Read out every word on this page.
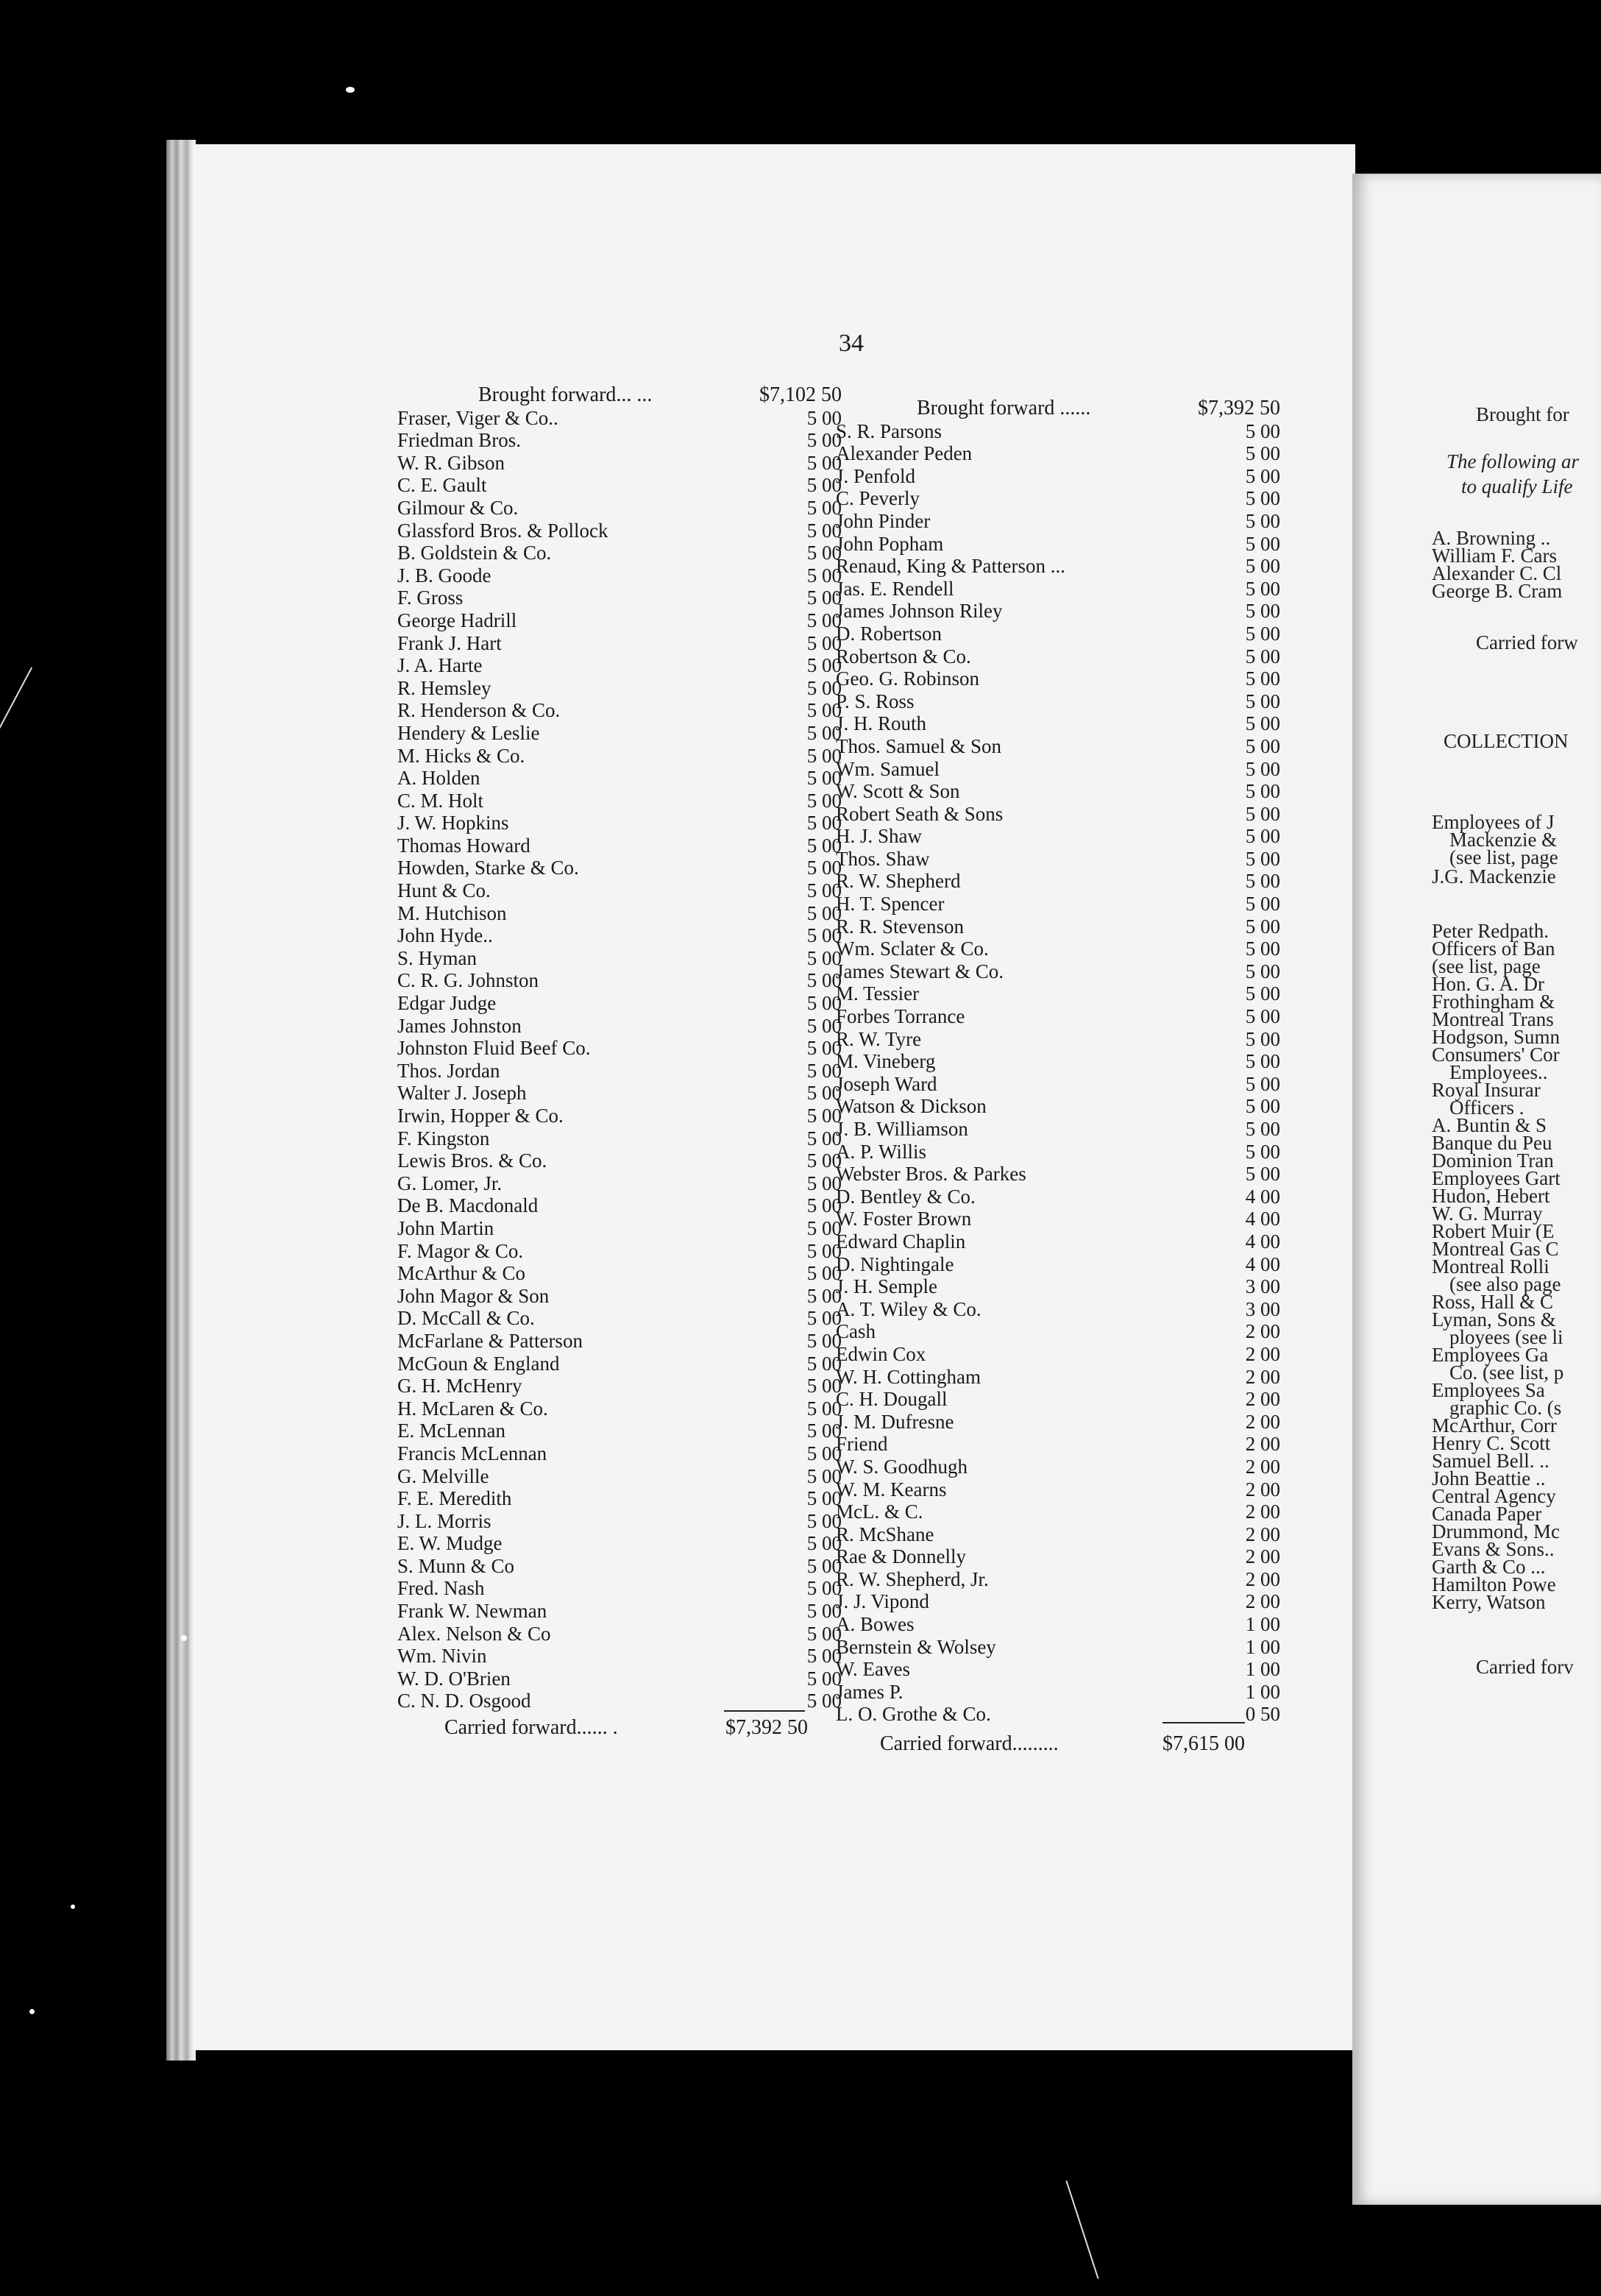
34
Brought forward... ...	$7,102 50
Fraser, Viger & Co..	5 00
Friedman Bros.	5 00
W. R. Gibson	5 00
C. E. Gault	5 00
Gilmour & Co.	5 00
Glassford Bros. & Pollock	5 00
B. Goldstein & Co.	5 00
J. B. Goode	5 00
F. Gross	5 00
George Hadrill	5 00
Frank J. Hart	5 00
J. A. Harte	5 00
R. Hemsley	5 00
R. Henderson & Co.	5 00
Hendery & Leslie	5 00
M. Hicks & Co.	5 00
A. Holden	5 00
C. M. Holt	5 00
J. W. Hopkins	5 00
Thomas Howard	5 00
Howden, Starke & Co.	5 00
Hunt & Co.	5 00
M. Hutchison	5 00
John Hyde..	5 00
S. Hyman	5 00
C. R. G. Johnston	5 00
Edgar Judge	5 00
James Johnston	5 00
Johnston Fluid Beef Co.	5 00
Thos. Jordan	5 00
Walter J. Joseph	5 00
Irwin, Hopper & Co.	5 00
F. Kingston	5 00
Lewis Bros. & Co.	5 00
G. Lomer, Jr.	5 00
De B. Macdonald	5 00
John Martin	5 00
F. Magor & Co.	5 00
McArthur & Co	5 00
John Magor & Son	5 00
D. McCall & Co.	5 00
McFarlane & Patterson	5 00
McGoun & England	5 00
G. H. McHenry	5 00
H. McLaren & Co.	5 00
E. McLennan	5 00
Francis McLennan	5 00
G. Melville	5 00
F. E. Meredith	5 00
J. L. Morris	5 00
E. W. Mudge	5 00
S. Munn & Co	5 00
Fred. Nash	5 00
Frank W. Newman	5 00
Alex. Nelson & Co	5 00
Wm. Nivin	5 00
W. D. O'Brien	5 00
C. N. D. Osgood	5 00
Carried forward...... .	$7,392 50
Brought forward ......	$7,392 50
S. R. Parsons	5 00
Alexander Peden	5 00
J. Penfold	5 00
C. Peverly	5 00
John Pinder	5 00
John Popham	5 00
Renaud, King & Patterson ...	5 00
Jas. E. Rendell	5 00
James Johnson Riley	5 00
D. Robertson	5 00
Robertson & Co.	5 00
Geo. G. Robinson	5 00
P. S. Ross	5 00
J. H. Routh	5 00
Thos. Samuel & Son	5 00
Wm. Samuel	5 00
W. Scott & Son	5 00
Robert Seath & Sons	5 00
H. J. Shaw	5 00
Thos. Shaw	5 00
R. W. Shepherd	5 00
H. T. Spencer	5 00
R. R. Stevenson	5 00
Wm. Sclater & Co.	5 00
James Stewart & Co.	5 00
M. Tessier	5 00
Forbes Torrance	5 00
R. W. Tyre	5 00
M. Vineberg	5 00
Joseph Ward	5 00
Watson & Dickson	5 00
J. B. Williamson	5 00
A. P. Willis	5 00
Webster Bros. & Parkes	5 00
D. Bentley & Co.	4 00
W. Foster Brown	4 00
Edward Chaplin	4 00
D. Nightingale	4 00
J. H. Semple	3 00
A. T. Wiley & Co.	3 00
Cash	2 00
Edwin Cox	2 00
W. H. Cottingham	2 00
C. H. Dougall	2 00
J. M. Dufresne	2 00
Friend	2 00
W. S. Goodhugh	2 00
W. M. Kearns	2 00
McL. & C.	2 00
R. McShane	2 00
Rae & Donnelly	2 00
R. W. Shepherd, Jr.	2 00
J. J. Vipond	2 00
A. Bowes	1 00
Bernstein & Wolsey	1 00
W. Eaves	1 00
James P.	1 00
L. O. Grothe & Co.	0 50
Carried forward.........	$7,615 00
Brought for
The following ar
to qualify Life
A. Browning ..
William F. Cars
Alexander C. Cl
George B. Cram
Carried forw
COLLECTION
Employees of J
Mackenzie &
(see list, page
J.G. Mackenzie
Peter Redpath.
Officers of Ban
(see list, page
Hon. G. A. Dr
Frothingham &
Montreal Trans
Hodgson, Sumn
Consumers' Cor
Employees..
Royal Insurar
Officers .
A. Buntin & S
Banque du Peu
Dominion Tran
Employees Gart
Hudon, Hebert
W. G. Murray
Robert Muir (E
Montreal Gas C
Montreal Rolli
(see also page
Ross, Hall & C
Lyman, Sons &
ployees (see li
Employees Ga
Co. (see list, p
Employees Sa
graphic Co. (s
McArthur, Corr
Henry C. Scott
Samuel Bell. ..
John Beattie ..
Central Agency
Canada Paper
Drummond, Mc
Evans & Sons..
Garth & Co ...
Hamilton Powe
Kerry, Watson
Carried forv
